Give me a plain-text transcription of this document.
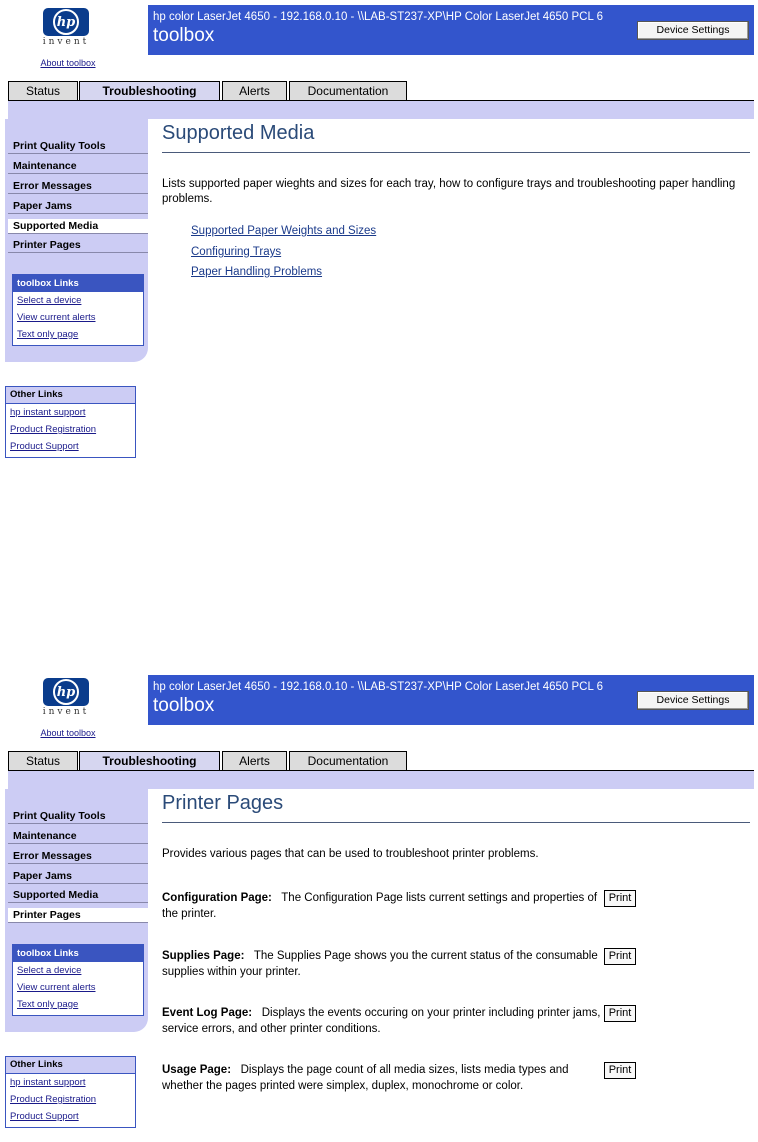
hp
invent
About toolbox
hp color LaserJet 4650 - 192.168.0.10 - \\LAB-ST237-XP\HP Color LaserJet 4650 PCL 6
toolbox	Device Settings
Status	Troubleshooting	Alerts	Documentation
Print Quality Tools
Maintenance
Error Messages
Paper Jams
Supported Media
Printer Pages
toolbox Links
Select a device
View current alerts
Text only page
Other Links
hp instant support
Product Registration
Product Support
Supported Media
Lists supported paper wieghts and sizes for each tray, how to configure trays and troubleshooting paper handling problems.
Supported Paper Weights and Sizes
Configuring Trays
Paper Handling Problems
hp
invent
About toolbox
hp color LaserJet 4650 - 192.168.0.10 - \\LAB-ST237-XP\HP Color LaserJet 4650 PCL 6
toolbox	Device Settings
Status	Troubleshooting	Alerts	Documentation
Print Quality Tools
Maintenance
Error Messages
Paper Jams
Supported Media
Printer Pages
toolbox Links
Select a device
View current alerts
Text only page
Other Links
hp instant support
Product Registration
Product Support
Printer Pages
Provides various pages that can be used to troubleshoot printer problems.
Configuration Page: The Configuration Page lists current settings and properties of the printer.
Print
Supplies Page: The Supplies Page shows you the current status of the consumable supplies within your printer.
Print
Event Log Page: Displays the events occuring on your printer including printer jams, service errors, and other printer conditions.
Print
Usage Page: Displays the page count of all media sizes, lists media types and whether the pages printed were simplex, duplex, monochrome or color.
Print
